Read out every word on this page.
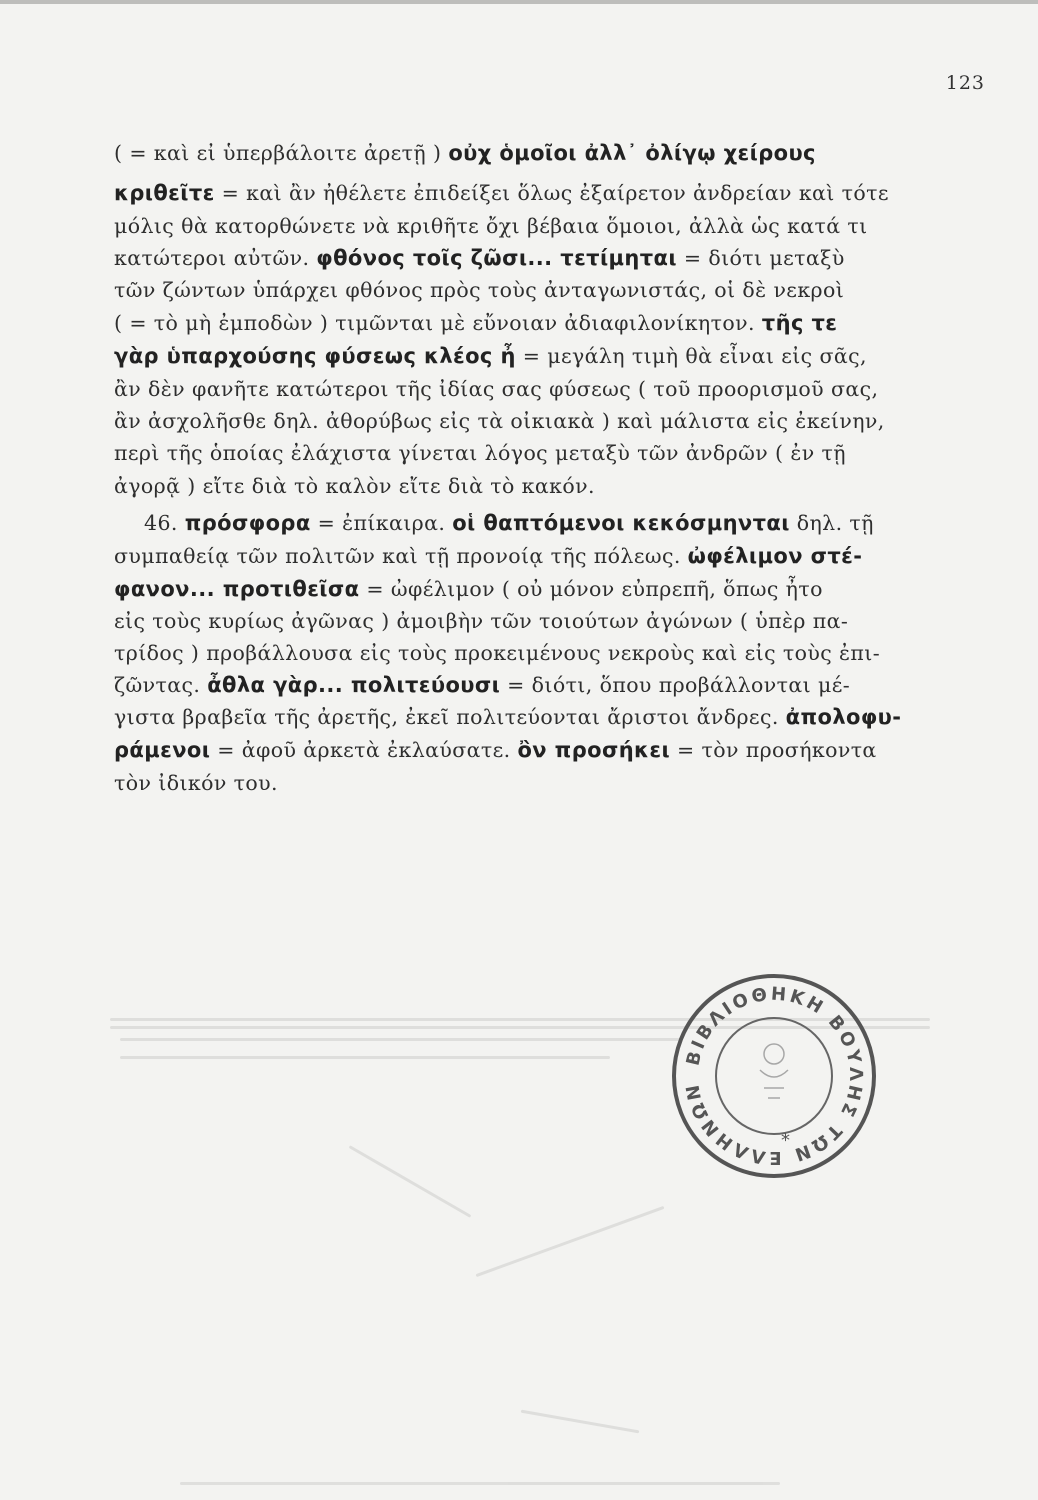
123
( = καὶ εἰ ὑπερβάλοιτε ἀρετῇ ) οὐχ ὁμοῖοι ἀλλ᾽ ὀλίγῳ χείρους
κριθεῖτε = καὶ ἂν ἠθέλετε ἐπιδείξει ὅλως ἐξαίρετον ἀνδρείαν καὶ τότε
μόλις θὰ κατορθώνετε νὰ κριθῆτε ὄχι βέβαια ὅμοιοι, ἀλλὰ ὡς κατά τι
κατώτεροι αὐτῶν. φθόνος τοῖς ζῶσι... τετίμηται = διότι μεταξὺ
τῶν ζώντων ὑπάρχει φθόνος πρὸς τοὺς ἀνταγωνιστάς, οἱ δὲ νεκροὶ
( = τὸ μὴ ἐμποδὼν ) τιμῶνται μὲ εὔνοιαν ἀδιαφιλονίκητον. τῆς τε
γὰρ ὑπαρχούσης φύσεως κλέος ἦ = μεγάλη τιμὴ θὰ εἶναι εἰς σᾶς,
ἂν δὲν φανῆτε κατώτεροι τῆς ἰδίας σας φύσεως ( τοῦ προορισμοῦ σας,
ἂν ἀσχολῆσθε δηλ. ἀθορύβως εἰς τὰ οἰκιακὰ ) καὶ μάλιστα εἰς ἐκείνην,
περὶ τῆς ὁποίας ἐλάχιστα γίνεται λόγος μεταξὺ τῶν ἀνδρῶν ( ἐν τῇ
ἀγορᾷ ) εἴτε διὰ τὸ καλὸν εἴτε διὰ τὸ κακόν.
46. πρόσφορα = ἐπίκαιρα. οἱ θαπτόμενοι κεκόσμηνται δηλ. τῇ
συμπαθείᾳ τῶν πολιτῶν καὶ τῇ προνοίᾳ τῆς πόλεως. ὠφέλιμον στέ-
φανον... προτιθεῖσα = ὠφέλιμον ( οὐ μόνον εὐπρεπῆ, ὅπως ἦτο
εἰς τοὺς κυρίως ἀγῶνας ) ἀμοιβὴν τῶν τοιούτων ἀγώνων ( ὑπὲρ πα-
τρίδος ) προβάλλουσα εἰς τοὺς προκειμένους νεκροὺς καὶ εἰς τοὺς ἐπι-
ζῶντας. ἆθλα γὰρ... πολιτεύουσι = διότι, ὅπου προβάλλονται μέ-
γιστα βραβεῖα τῆς ἀρετῆς, ἐκεῖ πολιτεύονται ἄριστοι ἄνδρες. ἀπολοφυ-
ράμενοι = ἀφοῦ ἀρκετὰ ἐκλαύσατε. ὂν προσήκει = τὸν προσήκοντα
τὸν ἰδικόν του.
ΒΙΒΛΙΟΘΗΚΗ ΒΟΥΛΗΣ ΤΩΝ ΕΛΛΗΝΩΝ
*
